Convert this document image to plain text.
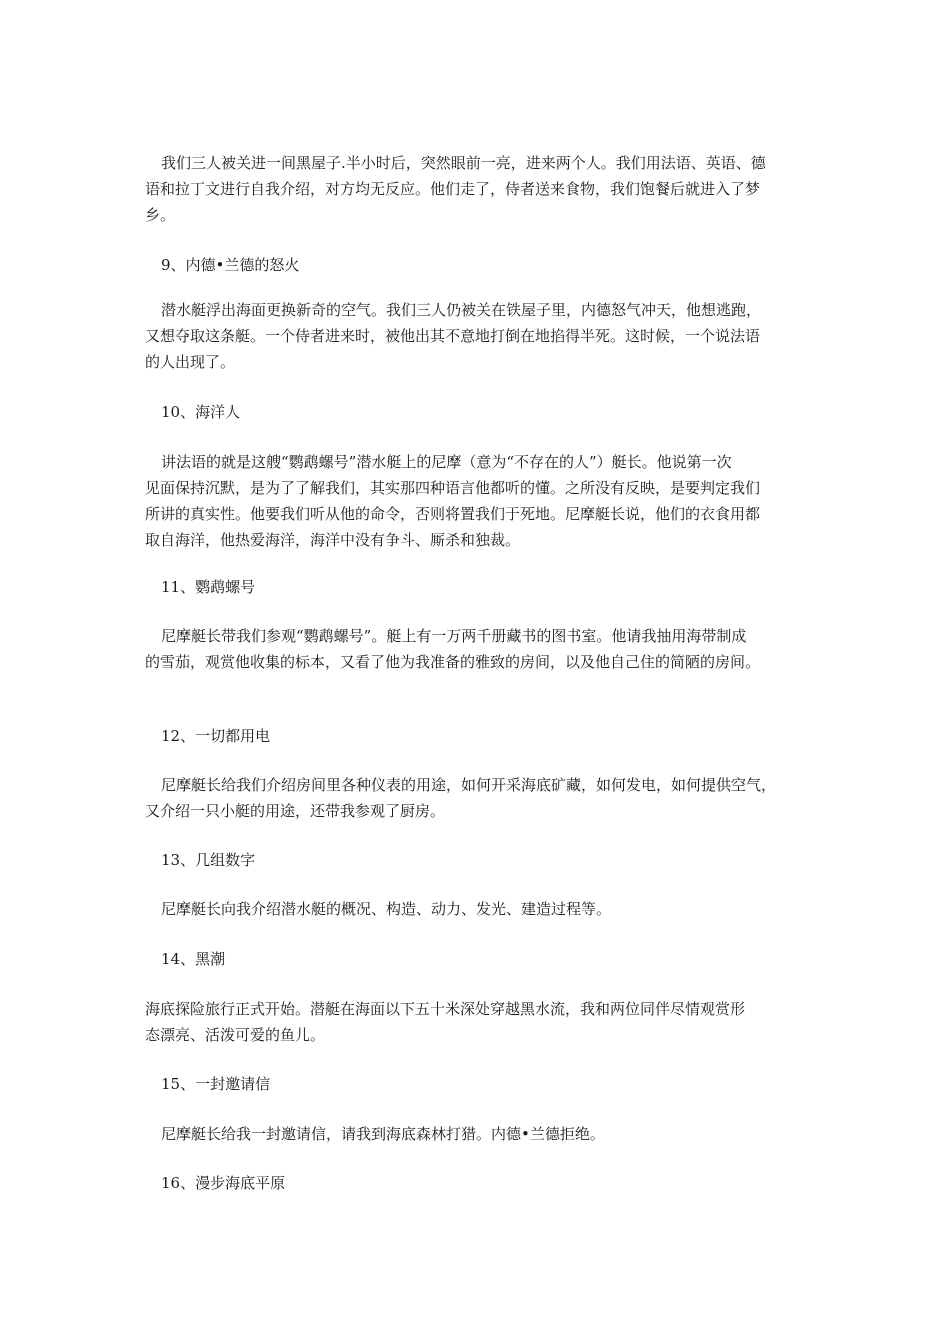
我们三人被关进一间黑屋子.半小时后，突然眼前一亮，进来两个人。我们用法语、英语、德
语和拉丁文进行自我介绍，对方均无反应。他们走了，侍者送来食物，我们饱餐后就进入了梦
乡。

9、内德•兰德的怒火

潜水艇浮出海面更换新奇的空气。我们三人仍被关在铁屋子里，内德怒气冲天，他想逃跑，
又想夺取这条艇。一个侍者进来时，被他出其不意地打倒在地掐得半死。这时候，一个说法语
的人出现了。

10、海洋人

讲法语的就是这艘“鹦鹉螺号”潜水艇上的尼摩（意为“不存在的人”）艇长。他说第一次
见面保持沉默，是为了了解我们，其实那四种语言他都听的懂。之所没有反映，是要判定我们
所讲的真实性。他要我们听从他的命令，否则将置我们于死地。尼摩艇长说，他们的衣食用都
取自海洋，他热爱海洋，海洋中没有争斗、厮杀和独裁。

11、鹦鹉螺号

尼摩艇长带我们参观“鹦鹉螺号”。艇上有一万两千册藏书的图书室。他请我抽用海带制成
的雪茄，观赏他收集的标本，又看了他为我准备的雅致的房间，以及他自己住的简陋的房间。

12、一切都用电

尼摩艇长给我们介绍房间里各种仪表的用途，如何开采海底矿藏，如何发电，如何提供空气，
又介绍一只小艇的用途，还带我参观了厨房。

13、几组数字

尼摩艇长向我介绍潜水艇的概况、构造、动力、发光、建造过程等。

14、黑潮

海底探险旅行正式开始。潜艇在海面以下五十米深处穿越黑水流，我和两位同伴尽情观赏形
态漂亮、活泼可爱的鱼儿。

15、一封邀请信

尼摩艇长给我一封邀请信，请我到海底森林打猎。内德•兰德拒绝。

16、漫步海底平原
